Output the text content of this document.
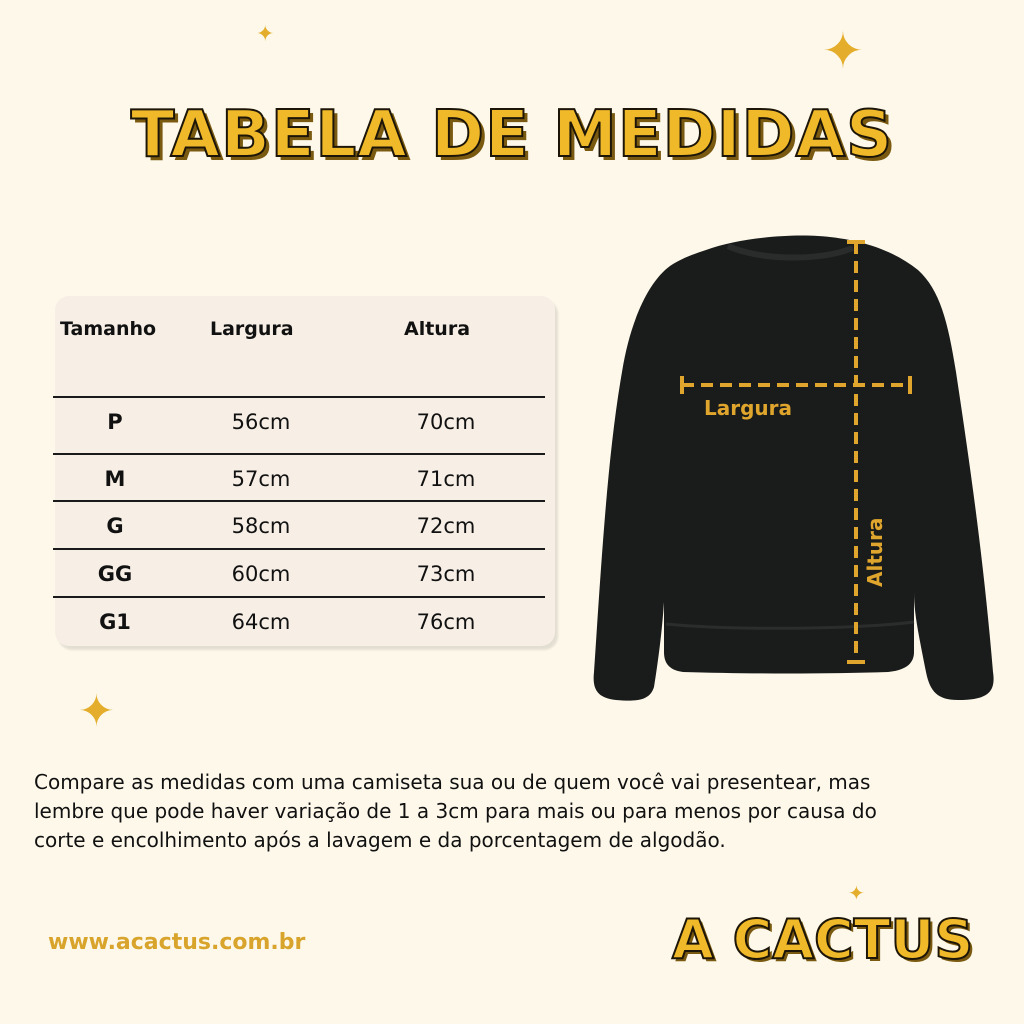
✦	✦
✦
✦
TABELA DE MEDIDAS
Tamanho	Largura	Altura
P	56cm	70cm
M	57cm	71cm
G	58cm	72cm
GG	60cm	73cm
G1	64cm	76cm
Largura
Altura

Compare as medidas com uma camiseta sua ou de quem você vai presentear, mas lembre que pode haver variação de 1 a 3cm para mais ou para menos por causa do corte e encolhimento após a lavagem e da porcentagem de algodão.

www.acactus.com.br	A CACTUS
